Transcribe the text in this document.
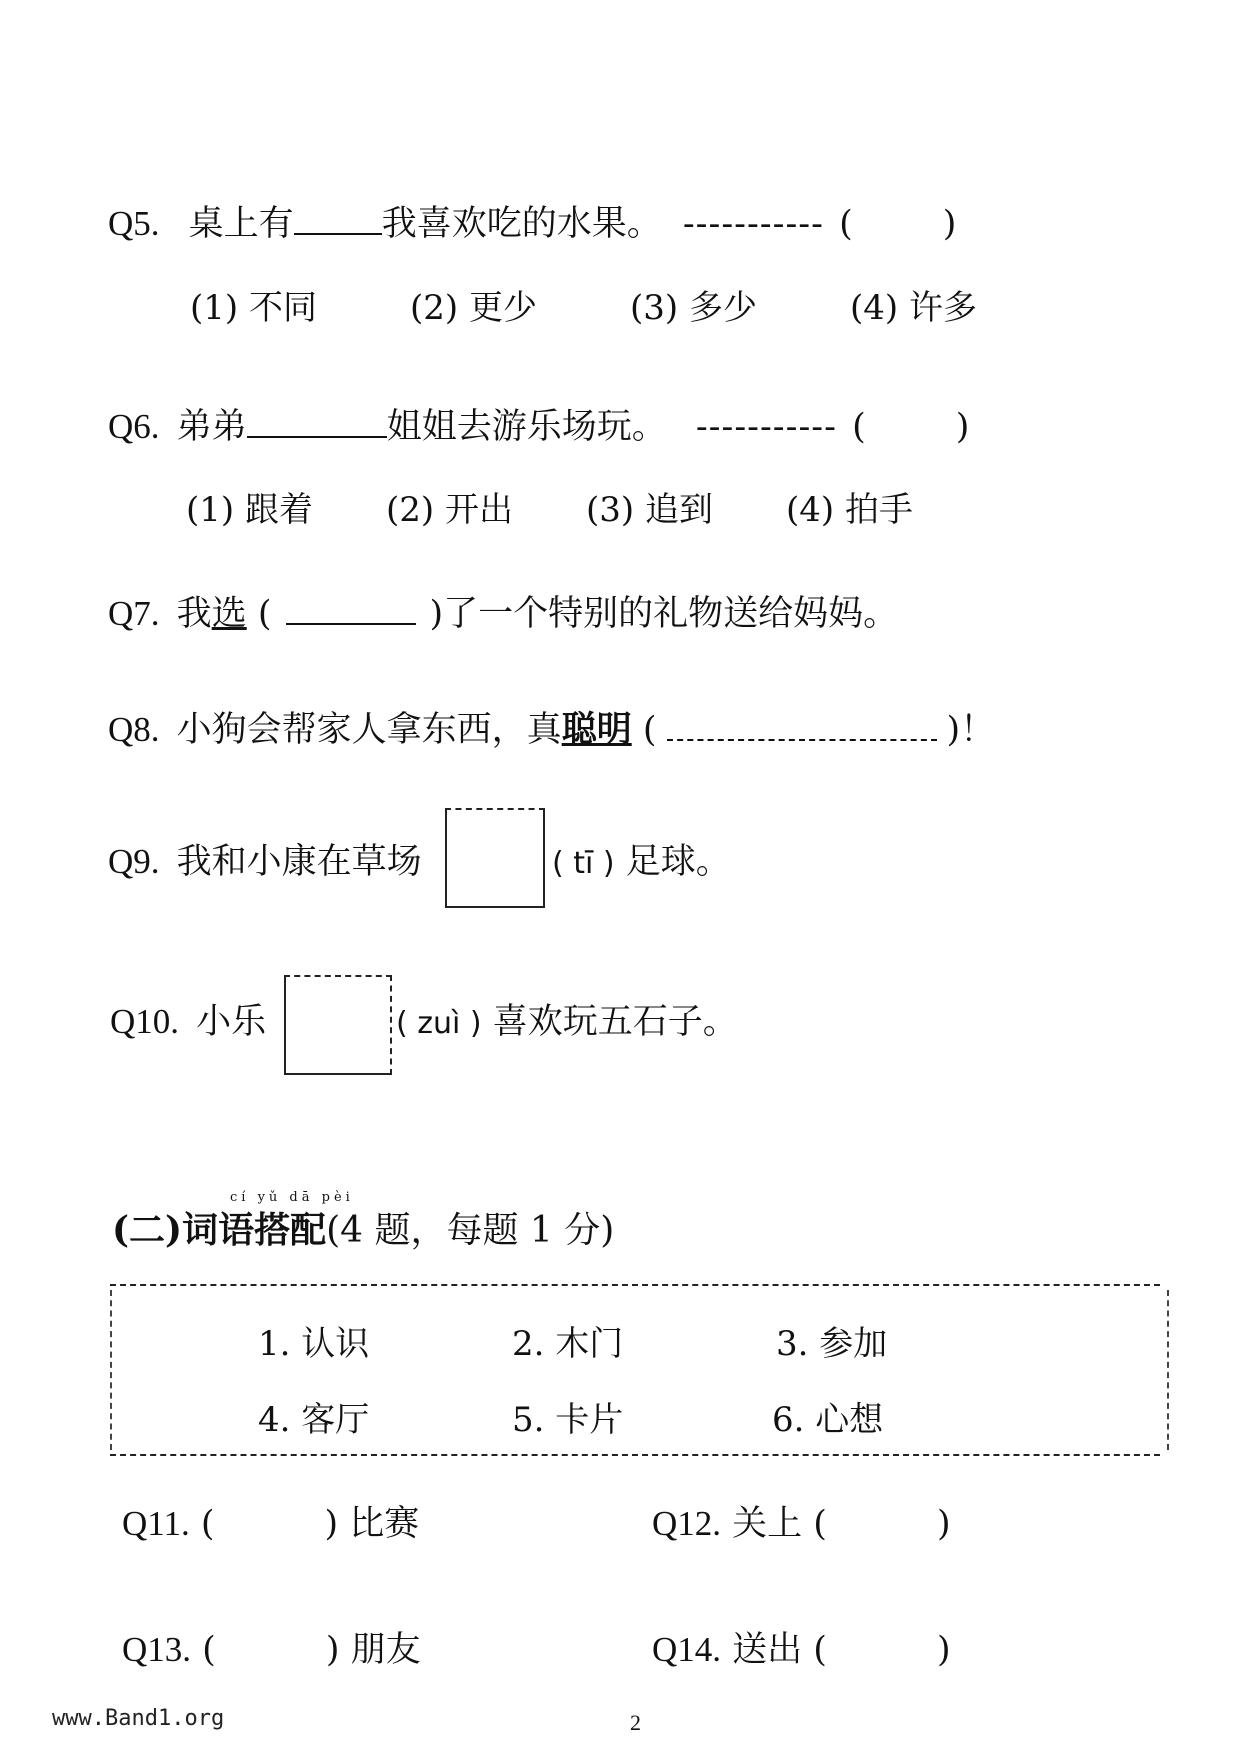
Q5. 桌上有	我喜欢吃的水果。 ----------- (	)
(1) 不同	(2) 更少	(3) 多少	(4) 许多
Q6. 弟弟	姐姐去游乐场玩。 ----------- (	)
(1) 跟着 (2) 开出 (3) 追到 (4) 拍手
Q7. 我选 (	)了一个特别的礼物送给妈妈。
Q8. 小狗会帮家人拿东西，真聪明 (	)！
Q9. 我和小康在草场	( tī ) 足球。
Q10. 小乐	( zuì ) 喜欢玩五石子。
cí yǔ dā pèi
(二)词语搭配(4 题，每题 1 分)
1. 认识	2. 木门	3. 参加
4. 客厅	5. 卡片	6. 心想
Q11. (	) 比赛	Q12. 关上 (	)
Q13. (	) 朋友	Q14. 送出 (	)
www.Band1.org	2
